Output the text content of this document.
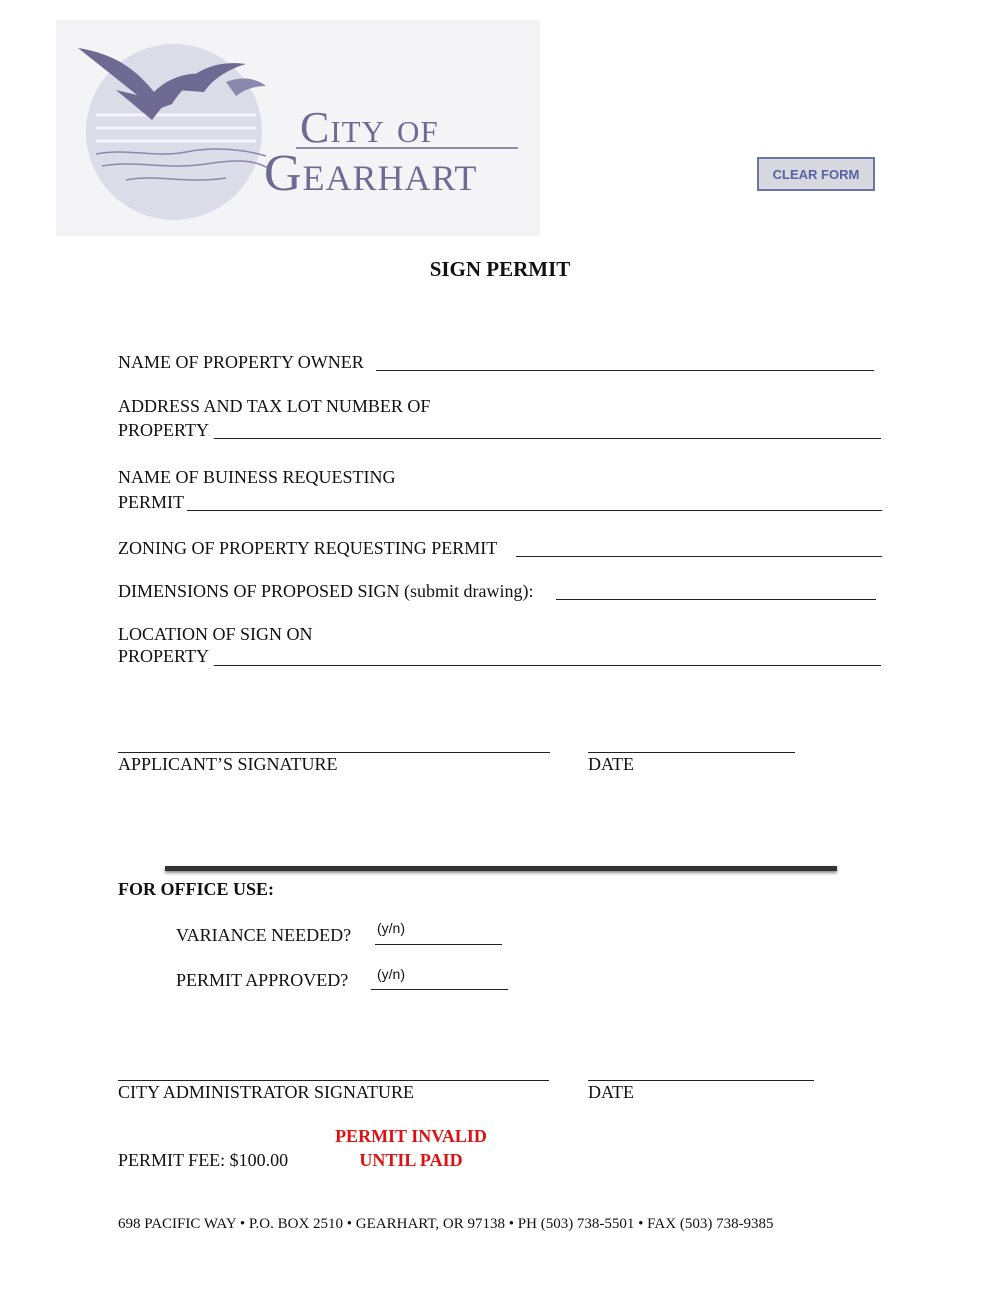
City of
Gearhart	CLEAR FORM
SIGN PERMIT
NAME OF PROPERTY OWNER
ADDRESS AND TAX LOT NUMBER OF
PROPERTY
NAME OF BUINESS REQUESTING
PERMIT
ZONING OF PROPERTY REQUESTING PERMIT
DIMENSIONS OF PROPOSED SIGN (submit drawing):
LOCATION OF SIGN ON
PROPERTY
APPLICANT’S SIGNATURE	DATE
FOR OFFICE USE:
VARIANCE NEEDED? (y/n)
PERMIT APPROVED? (y/n)
CITY ADMINISTRATOR SIGNATURE	DATE
PERMIT FEE: $100.00
PERMIT INVALID
UNTIL PAID
698 PACIFIC WAY • P.O. BOX 2510 • GEARHART, OR 97138 • PH (503) 738-5501 • FAX (503) 738-9385
